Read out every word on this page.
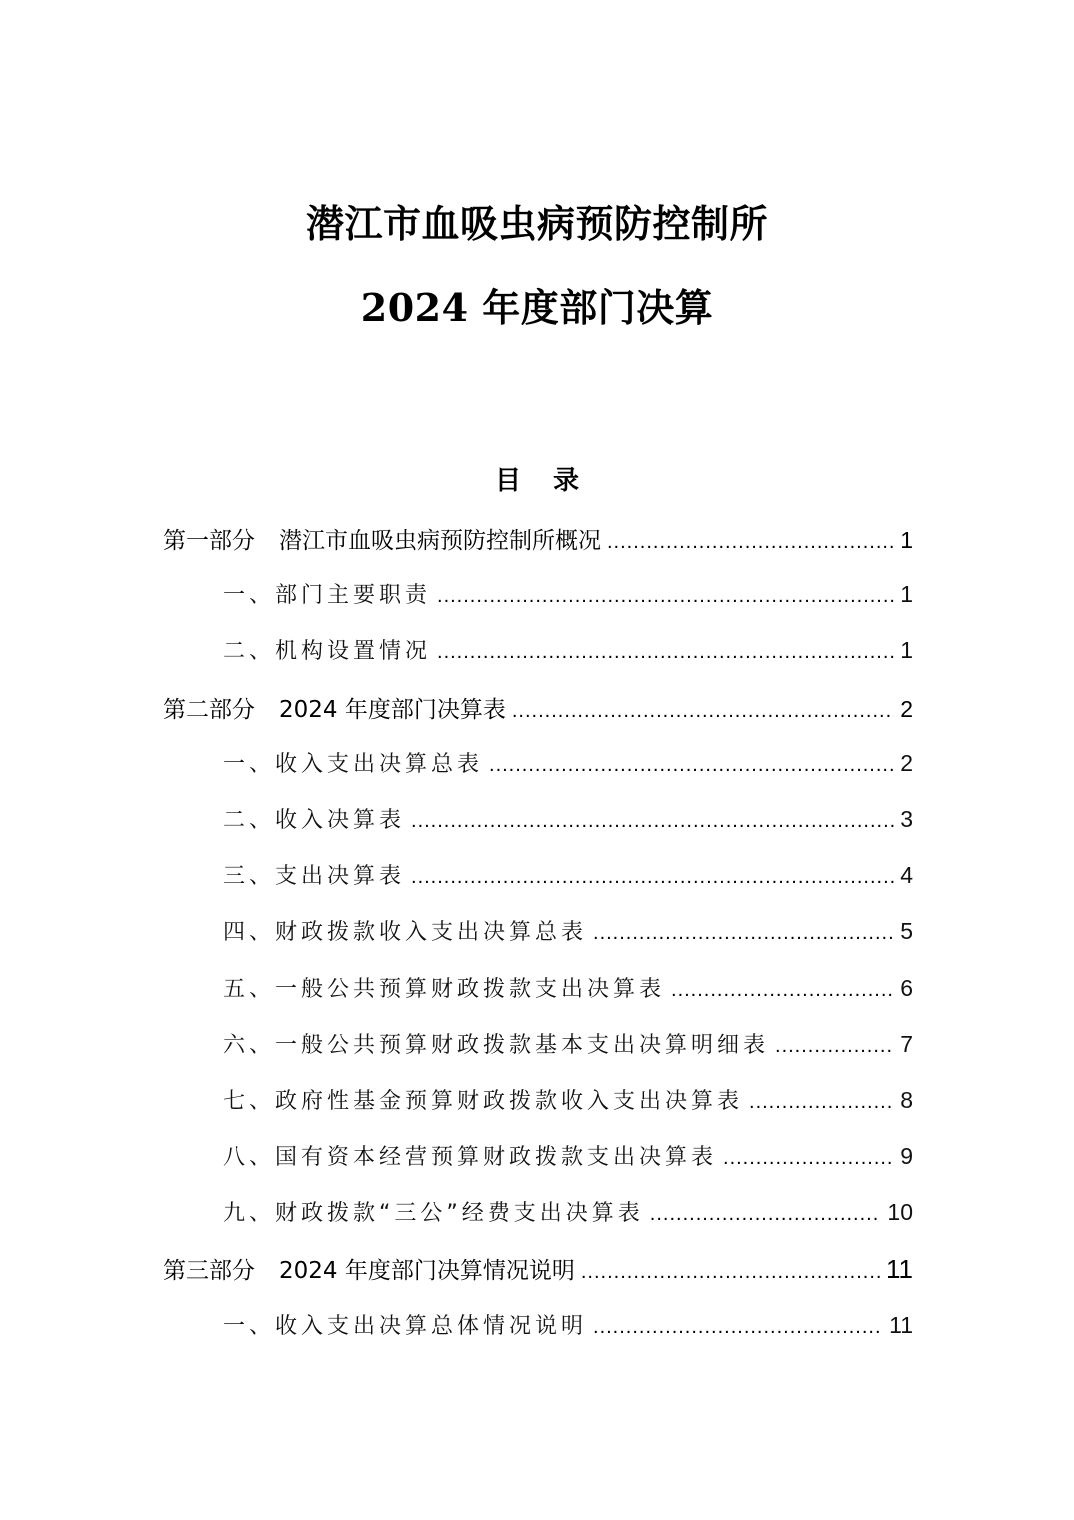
潜江市血吸虫病预防控制所
2024 年度部门决算
目 录
第一部分 潜江市血吸虫病预防控制所概况 .....	1
一、部门主要职责 .....	1
二、机构设置情况 .....	1
第二部分 2024 年度部门决算表 .....	2
一、收入支出决算总表 .....	2
二、收入决算表 .....	3
三、支出决算表 .....	4
四、财政拨款收入支出决算总表 .....	5
五、一般公共预算财政拨款支出决算表 .....	6
六、一般公共预算财政拨款基本支出决算明细表 .....	7
七、政府性基金预算财政拨款收入支出决算表 .....	8
八、国有资本经营预算财政拨款支出决算表 .....	9
九、财政拨款“三公”经费支出决算表 .....	10
第三部分 2024 年度部门决算情况说明 .....	11
一、收入支出决算总体情况说明 .....	11
